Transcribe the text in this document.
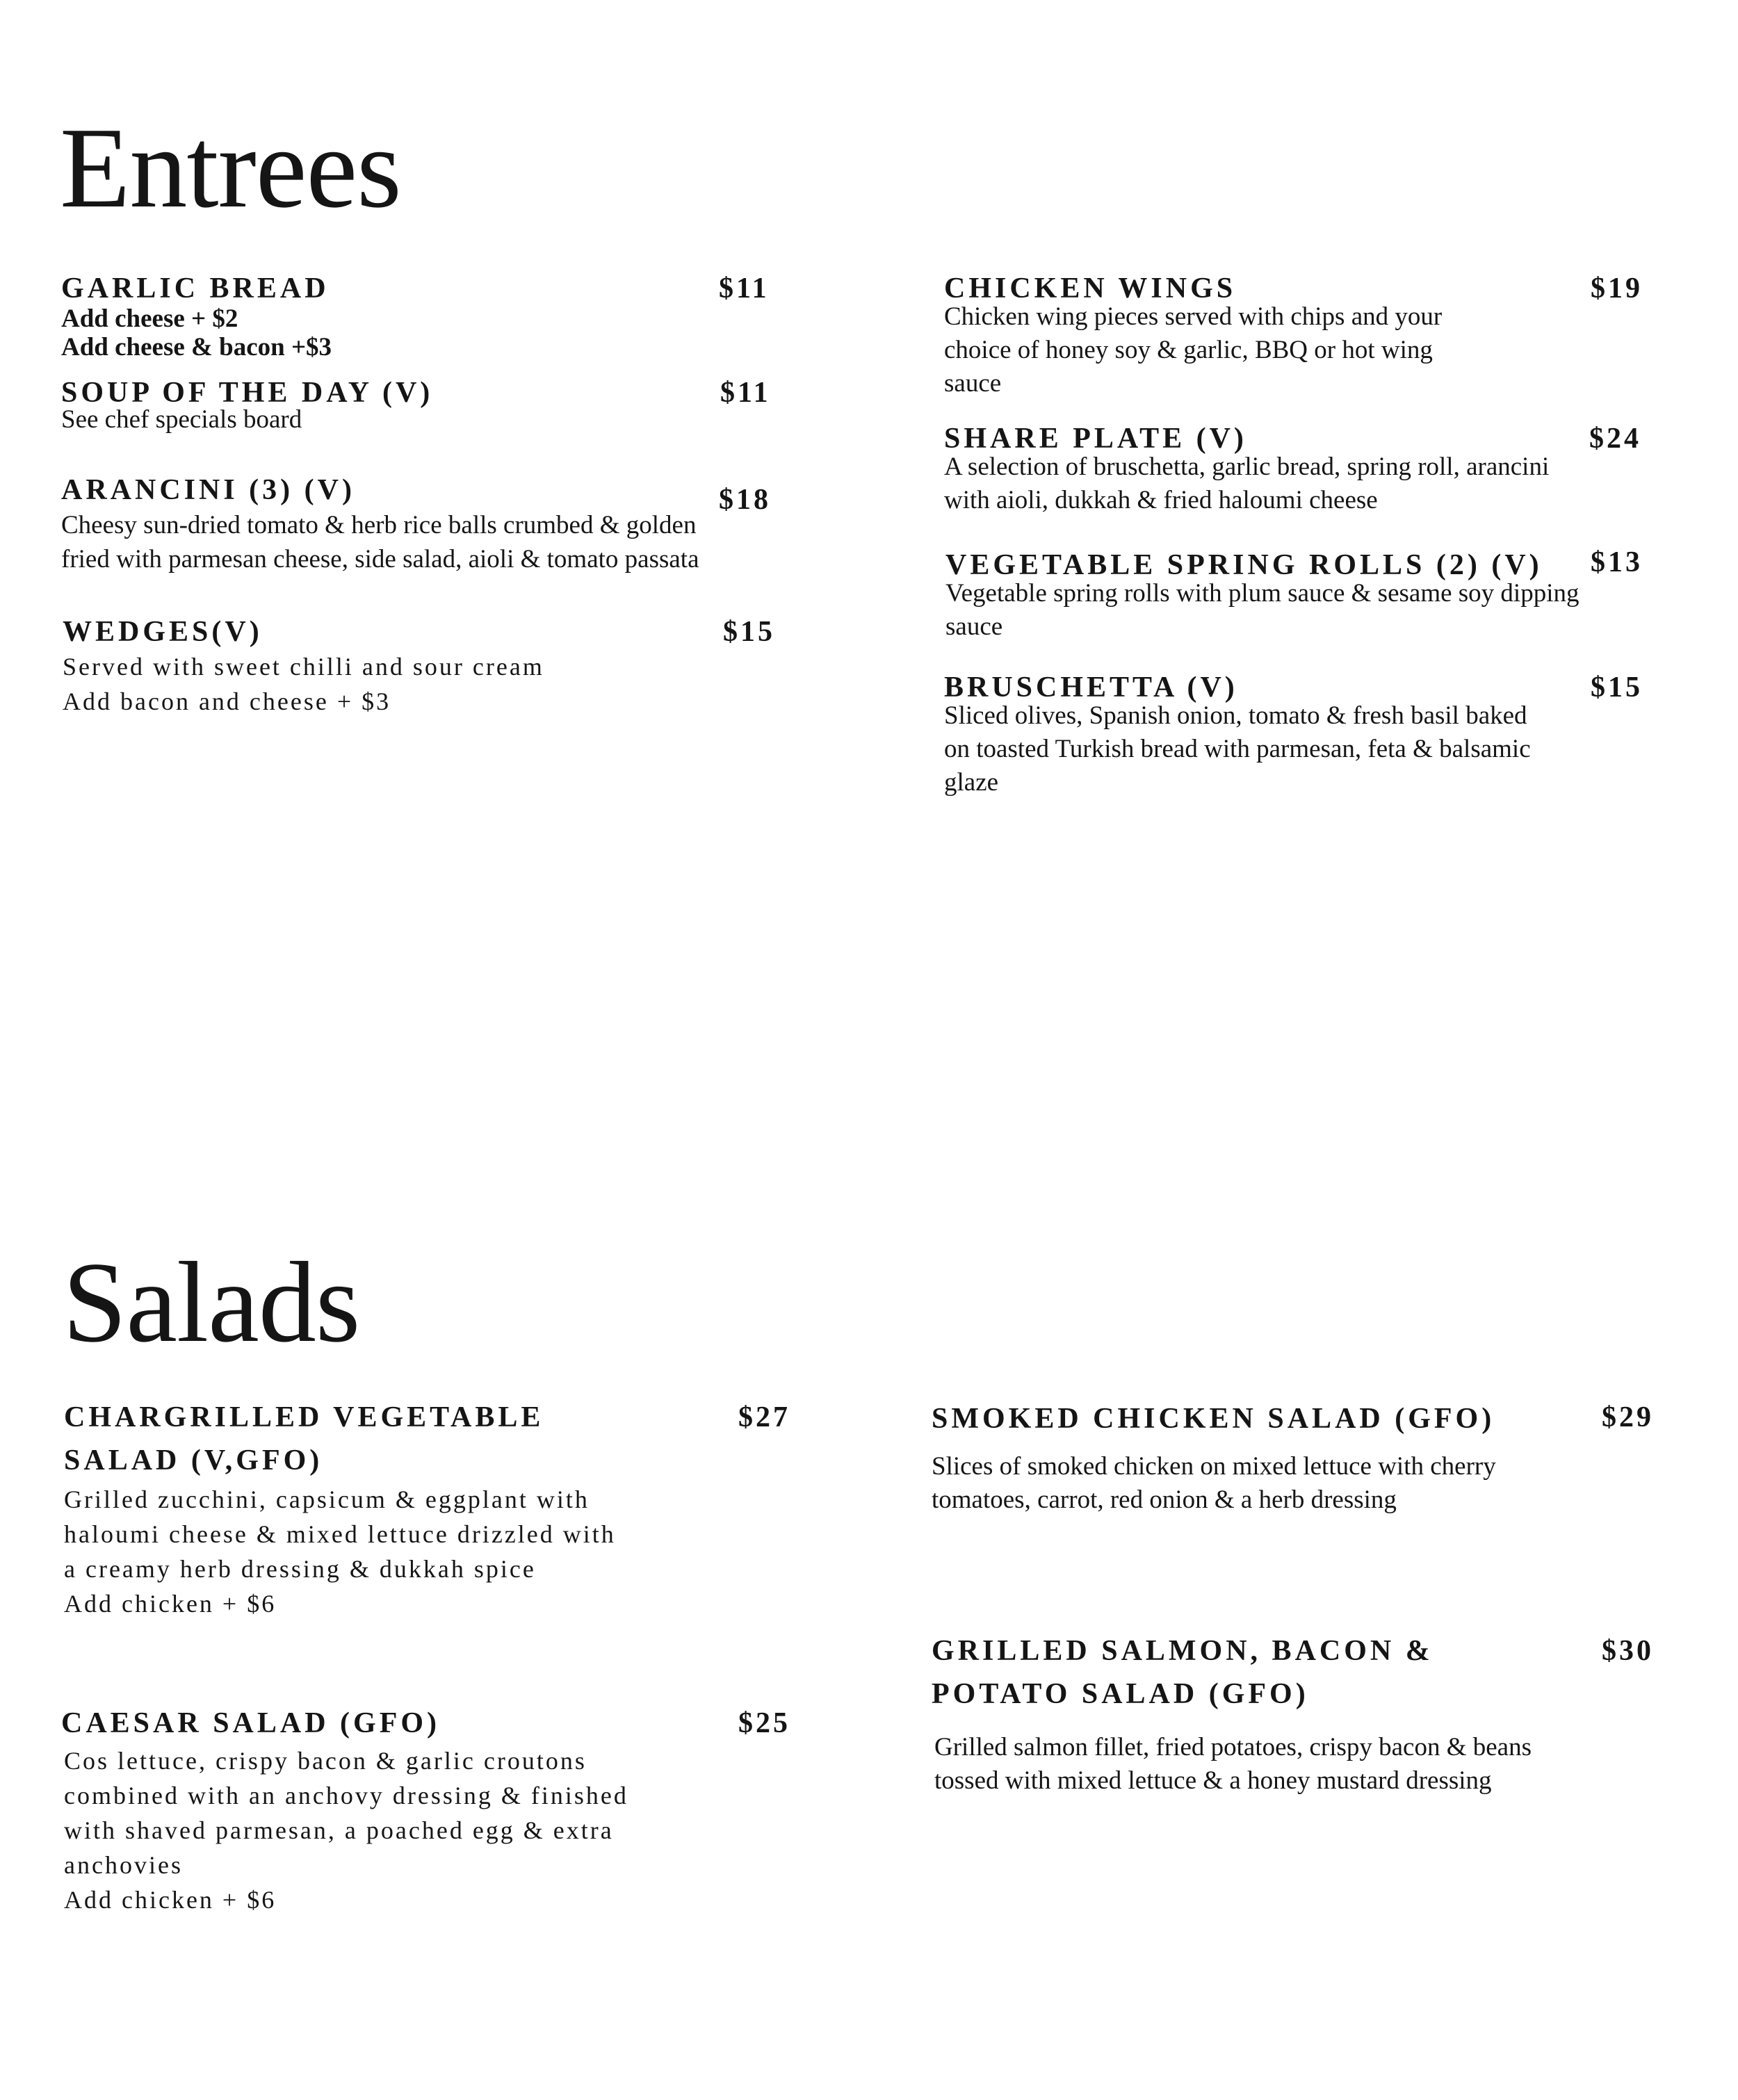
Entrees

GARLIC BREAD	$11

Add cheese + $2

Add cheese & bacon +$3

SOUP OF THE DAY (V)	$11

See chef specials board

ARANCINI (3) (V)	$18

Cheesy sun-dried tomato & herb rice balls crumbed & golden

fried with parmesan cheese, side salad, aioli & tomato passata

WEDGES(V)	$15

Served with sweet chilli and sour cream

Add bacon and cheese + $3

CHICKEN WINGS	$19

Chicken wing pieces served with chips and your

choice of honey soy & garlic, BBQ or hot wing

sauce

SHARE PLATE (V)	$24

A selection of bruschetta, garlic bread, spring roll, arancini

with aioli, dukkah & fried haloumi cheese

VEGETABLE SPRING ROLLS (2) (V) $13

Vegetable spring rolls with plum sauce & sesame soy dipping

sauce

BRUSCHETTA (V)	$15

Sliced olives, Spanish onion, tomato & fresh basil baked

on toasted Turkish bread with parmesan, feta & balsamic

glaze

Salads

CHARGRILLED VEGETABLE

SALAD (V,GFO)

$27

Grilled zucchini, capsicum & eggplant with

haloumi cheese & mixed lettuce drizzled with

a creamy herb dressing & dukkah spice

Add chicken + $6

CAESAR SALAD (GFO)	$25

Cos lettuce, crispy bacon & garlic croutons

combined with an anchovy dressing & finished

with shaved parmesan, a poached egg & extra

anchovies

Add chicken + $6

SMOKED CHICKEN SALAD (GFO)	$29

Slices of smoked chicken on mixed lettuce with cherry

tomatoes, carrot, red onion & a herb dressing

GRILLED SALMON, BACON &

POTATO SALAD (GFO)

$30

Grilled salmon fillet, fried potatoes, crispy bacon & beans

tossed with mixed lettuce & a honey mustard dressing
